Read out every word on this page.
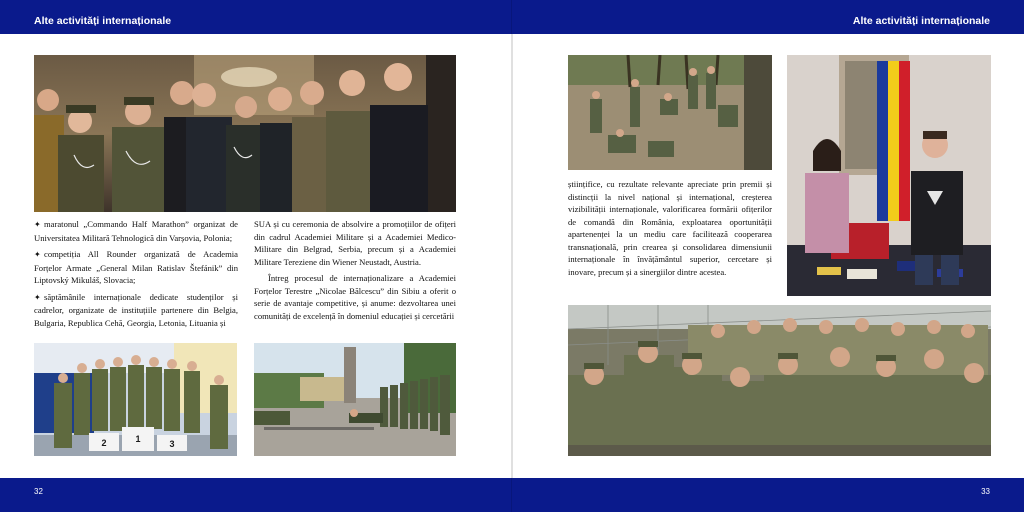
Alte activități internaționale

✦ maratonul „Commando Half Marathon” organizat de Universitatea Militară Tehnologică din Varșovia, Polonia;

✦ competiția All Rounder organizată de Academia Forțelor Armate „General Milan Ratislav Štefánik” din Liptovský Mikuláš, Slovacia;

✦ săptămânile internaționale dedicate studenților și cadrelor, organizate de instituțiile partenere din Belgia, Bulgaria, Republica Cehă, Georgia, Letonia, Lituania și

SUA și cu ceremonia de absolvire a promoțiilor de ofițeri din cadrul Academiei Militare și a Academiei Medico-Militare din Belgrad, Serbia, precum și a Academiei Militare Tereziene din Wiener Neustadt, Austria.

Întreg procesul de internaționalizare a Academiei Forțelor Terestre „Nicolae Bălcescu” din Sibiu a oferit o serie de avantaje competitive, și anume: dezvoltarea unei comunități de excelență în domeniul educației și cercetării

2	1	3
32
Alte activități internaționale

științifice, cu rezultate relevante apreciate prin premii și distincții la nivel național și internațional, creșterea vizibilității internaționale, valorificarea formării ofițerilor de comandă din România, exploatarea oportunității apartenenței la un mediu care facilitează cooperarea transnațională, prin crearea și consolidarea dimensiunii internaționale în învățământul superior, cercetare și inovare, precum și a sinergiilor dintre acestea.

33
